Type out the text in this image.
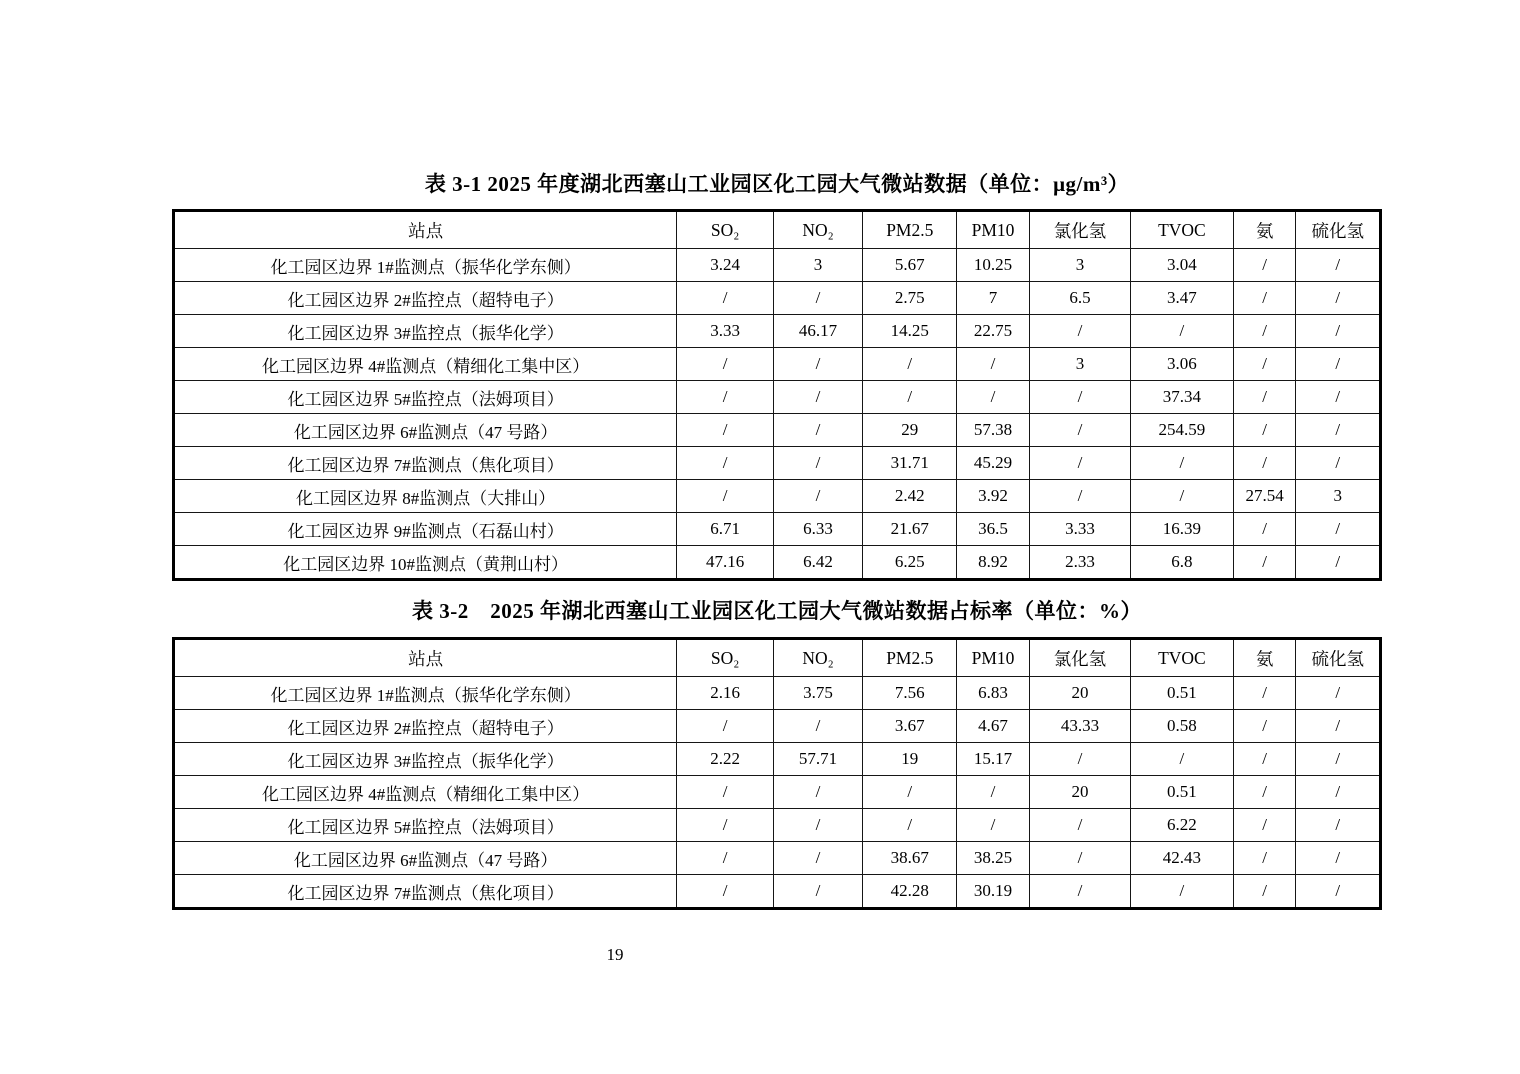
表 3-1 2025 年度湖北西塞山工业园区化工园大气微站数据（单位：μg/m³）
站点	SO₂	NO₂	PM2.5	PM10	氯化氢	TVOC	氨	硫化氢
化工园区边界 1#监测点（振华化学东侧）	3.24	3	5.67	10.25	3	3.04	/	/
化工园区边界 2#监控点（超特电子）	/	/	2.75	7	6.5	3.47	/	/
化工园区边界 3#监控点（振华化学）	3.33	46.17	14.25	22.75	/	/	/	/
化工园区边界 4#监测点（精细化工集中区）	/	/	/	/	3	3.06	/	/
化工园区边界 5#监控点（法姆项目）	/	/	/	/	/	37.34	/	/
化工园区边界 6#监测点（47 号路）	/	/	29	57.38	/	254.59	/	/
化工园区边界 7#监测点（焦化项目）	/	/	31.71	45.29	/	/	/	/
化工园区边界 8#监测点（大排山）	/	/	2.42	3.92	/	/	27.54	3
化工园区边界 9#监测点（石磊山村）	6.71	6.33	21.67	36.5	3.33	16.39	/	/
化工园区边界 10#监测点（黄荆山村）	47.16	6.42	6.25	8.92	2.33	6.8	/	/
表 3-2　2025 年湖北西塞山工业园区化工园大气微站数据占标率（单位：%）
站点	SO₂	NO₂	PM2.5	PM10	氯化氢	TVOC	氨	硫化氢
化工园区边界 1#监测点（振华化学东侧）	2.16	3.75	7.56	6.83	20	0.51	/	/
化工园区边界 2#监控点（超特电子）	/	/	3.67	4.67	43.33	0.58	/	/
化工园区边界 3#监控点（振华化学）	2.22	57.71	19	15.17	/	/	/	/
化工园区边界 4#监测点（精细化工集中区）	/	/	/	/	20	0.51	/	/
化工园区边界 5#监控点（法姆项目）	/	/	/	/	/	6.22	/	/
化工园区边界 6#监测点（47 号路）	/	/	38.67	38.25	/	42.43	/	/
化工园区边界 7#监测点（焦化项目）	/	/	42.28	30.19	/	/	/	/
19
